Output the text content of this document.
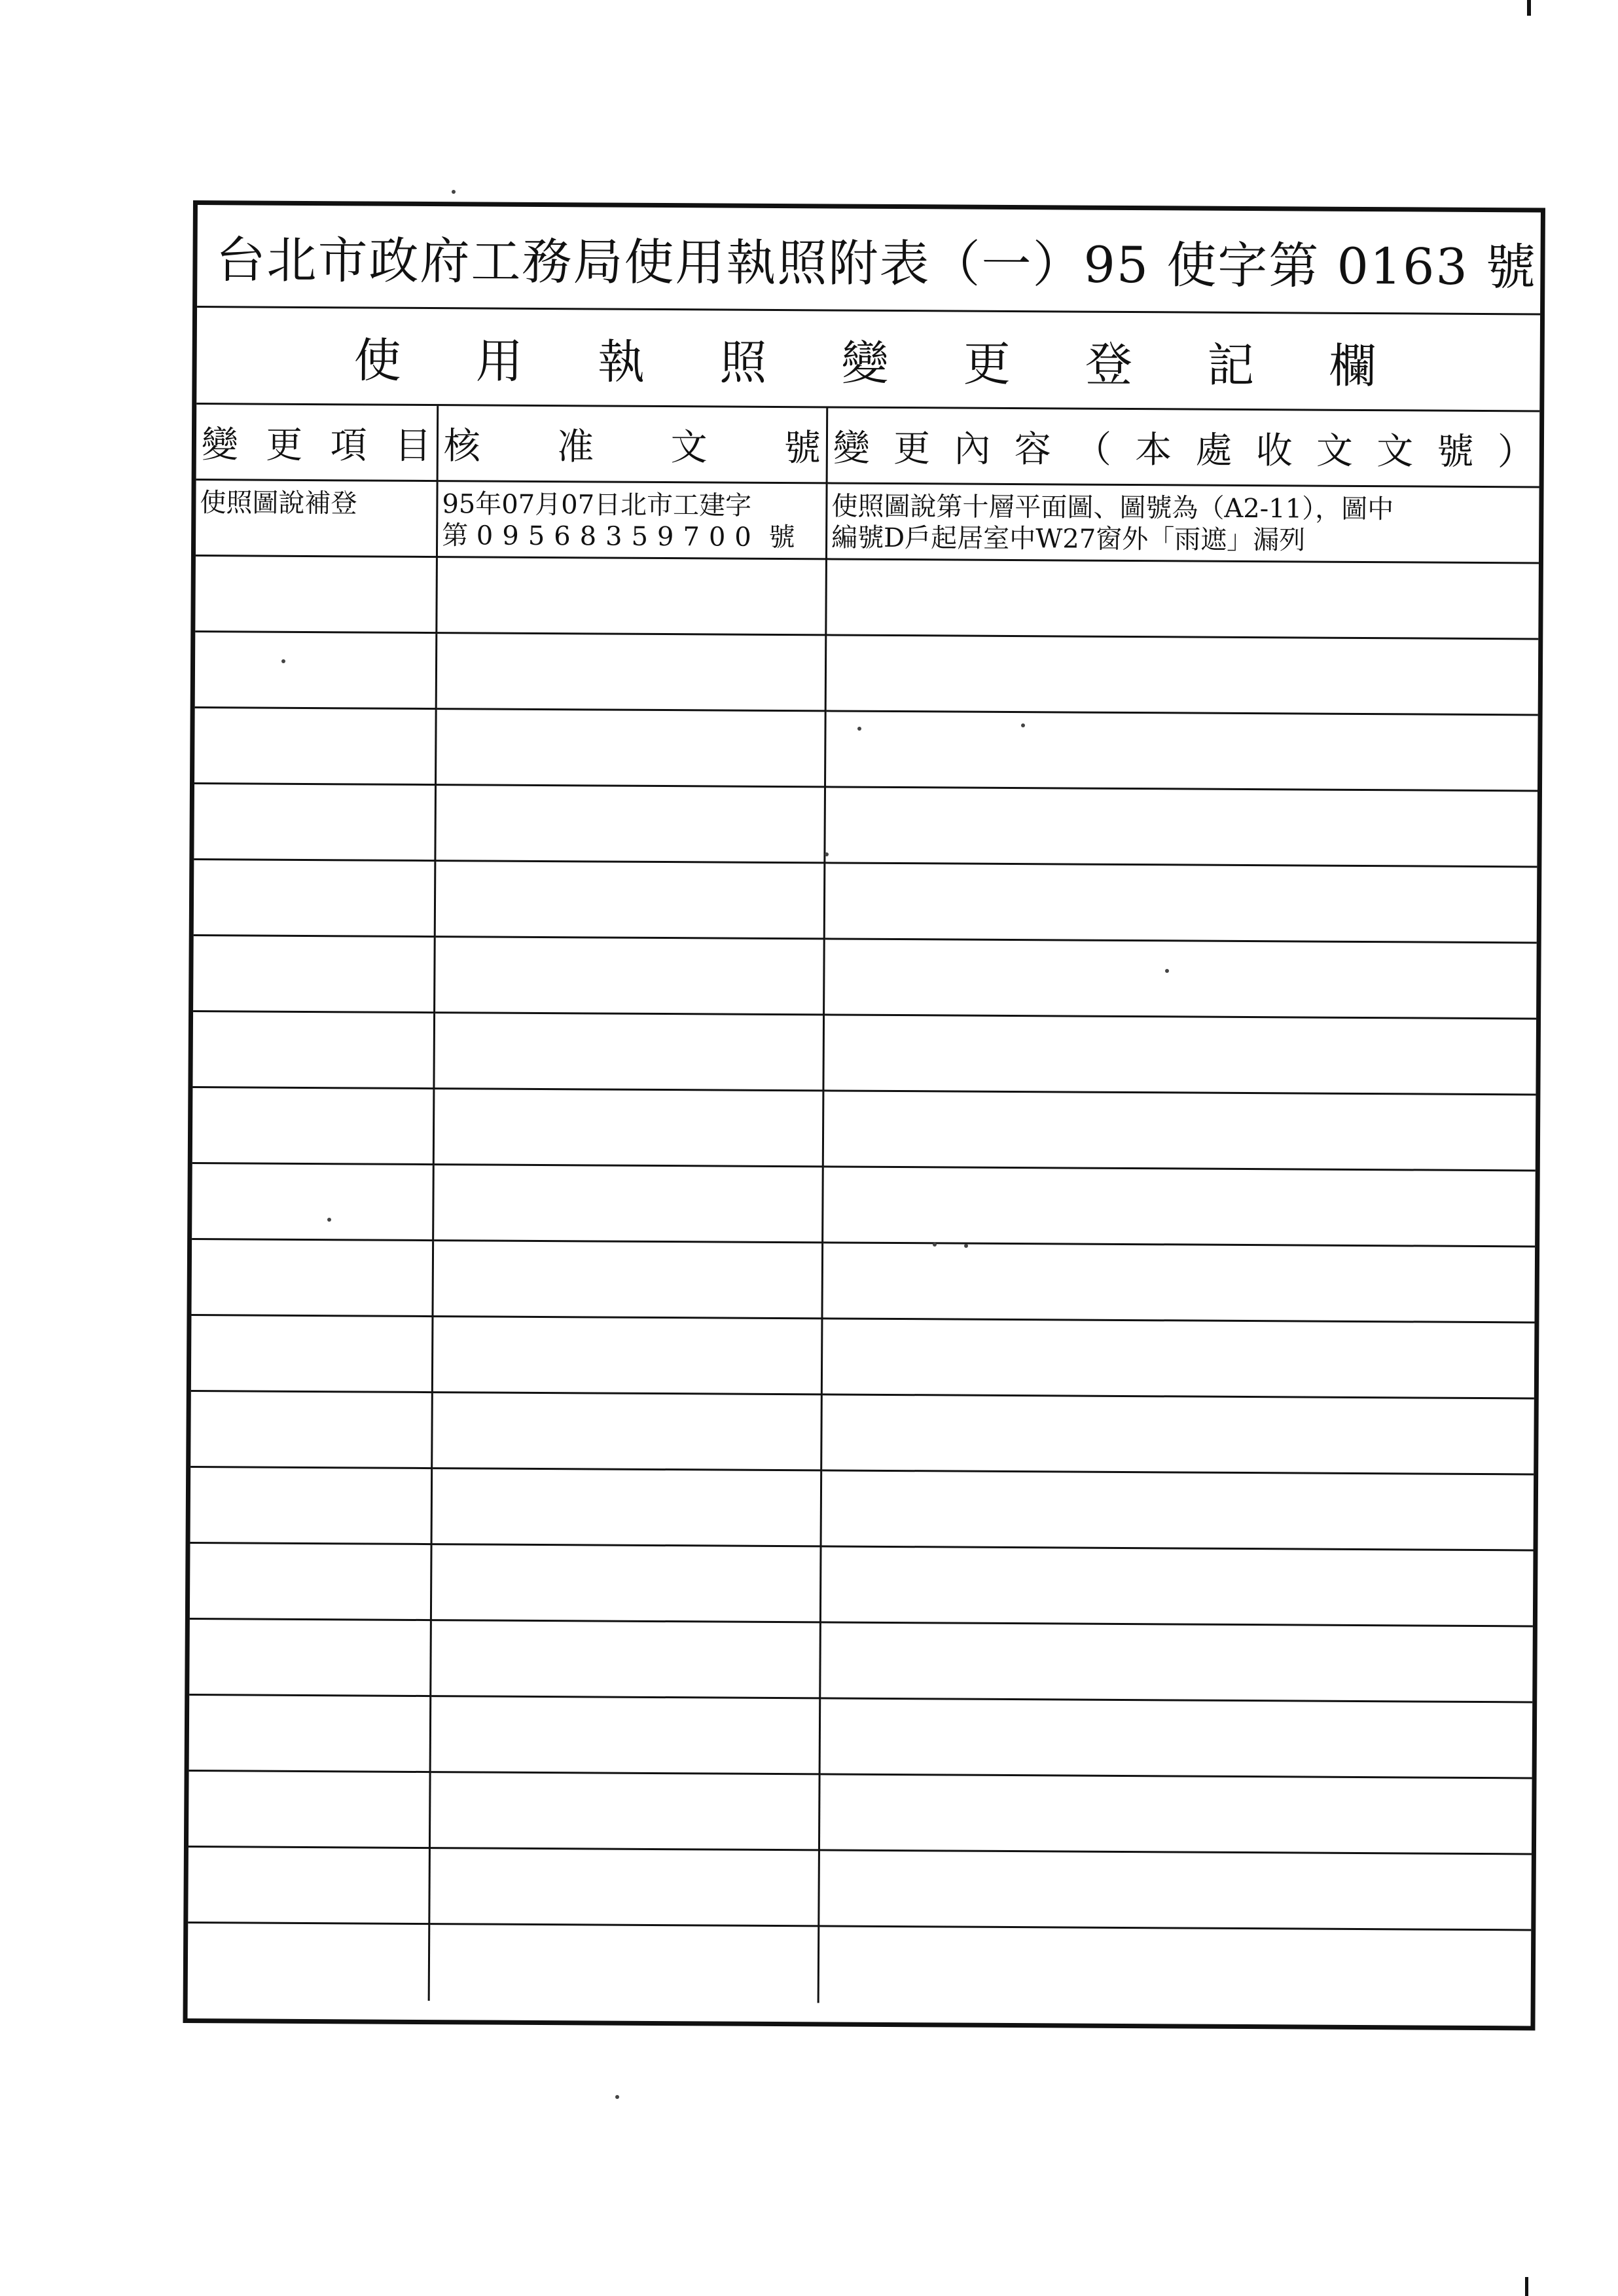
台北市政府工務局使用執照附表（一）95 使字第 0163 號
使 用 執 照 變 更 登 記 欄
變 更 項 目 核 准 文 號 變 更 內 容 （ 本 處 收 文 文 號 ）
使照圖說補登	95年07月07日北市工建字
第 09568359700 號
使照圖說第十層平面圖、圖號為（A2-11），圖中
編號D戶起居室中W27窗外「雨遮」漏列
